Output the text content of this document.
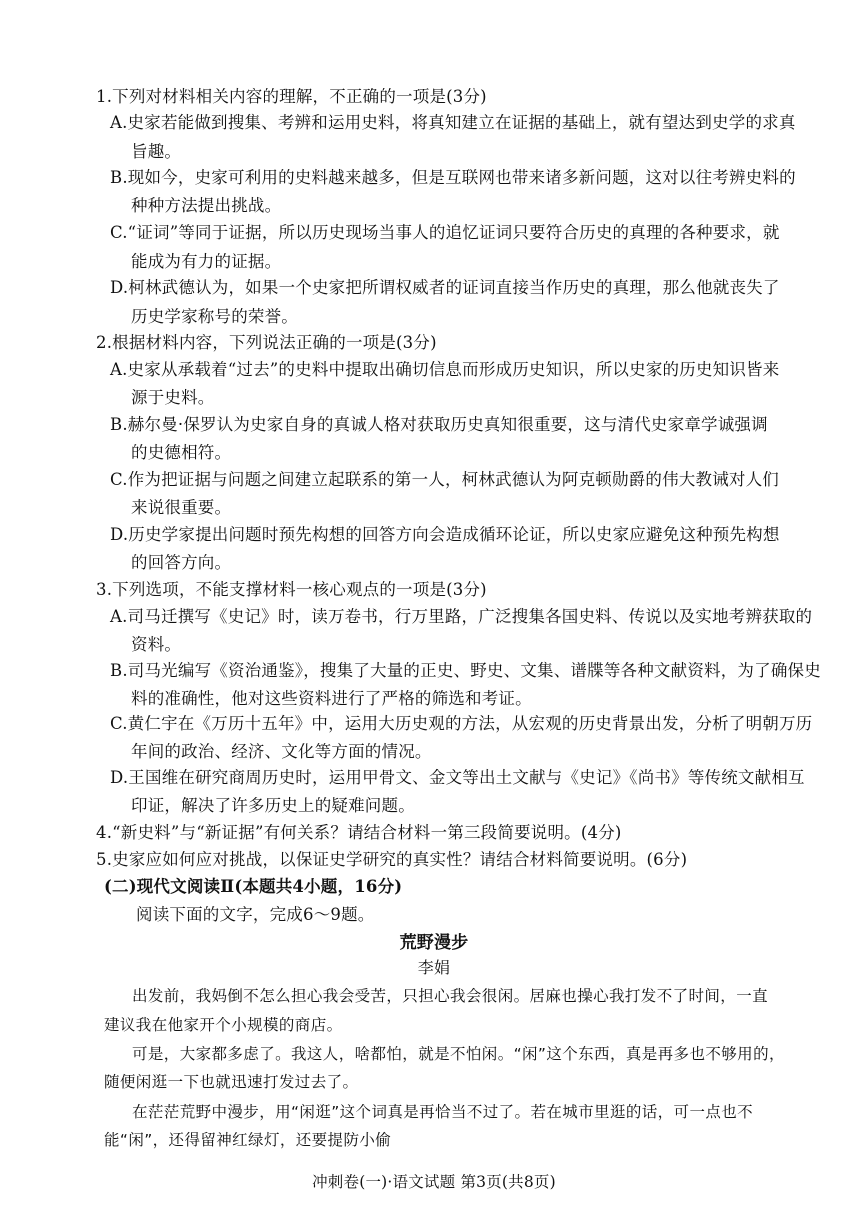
1.下列对材料相关内容的理解，不正确的一项是(3分)
A.史家若能做到搜集、考辨和运用史料，将真知建立在证据的基础上，就有望达到史学的求真
旨趣。
B.现如今，史家可利用的史料越来越多，但是互联网也带来诸多新问题，这对以往考辨史料的
种种方法提出挑战。
C.“证词”等同于证据，所以历史现场当事人的追忆证词只要符合历史的真理的各种要求，就
能成为有力的证据。
D.柯林武德认为，如果一个史家把所谓权威者的证词直接当作历史的真理，那么他就丧失了
历史学家称号的荣誉。
2.根据材料内容，下列说法正确的一项是(3分)
A.史家从承载着“过去”的史料中提取出确切信息而形成历史知识，所以史家的历史知识皆来
源于史料。
B.赫尔曼·保罗认为史家自身的真诚人格对获取历史真知很重要，这与清代史家章学诚强调
的史德相符。
C.作为把证据与问题之间建立起联系的第一人，柯林武德认为阿克顿勋爵的伟大教诫对人们
来说很重要。
D.历史学家提出问题时预先构想的回答方向会造成循环论证，所以史家应避免这种预先构想
的回答方向。
3.下列选项，不能支撑材料一核心观点的一项是(3分)
A.司马迁撰写《史记》时，读万卷书，行万里路，广泛搜集各国史料、传说以及实地考辨获取的
资料。
B.司马光编写《资治通鉴》，搜集了大量的正史、野史、文集、谱牒等各种文献资料，为了确保史
料的准确性，他对这些资料进行了严格的筛选和考证。
C.黄仁宇在《万历十五年》中，运用大历史观的方法，从宏观的历史背景出发，分析了明朝万历
年间的政治、经济、文化等方面的情况。
D.王国维在研究商周历史时，运用甲骨文、金文等出土文献与《史记》《尚书》等传统文献相互
印证，解决了许多历史上的疑难问题。
4.“新史料”与“新证据”有何关系？请结合材料一第三段简要说明。(4分)
5.史家应如何应对挑战，以保证史学研究的真实性？请结合材料简要说明。(6分)
(二)现代文阅读Ⅱ(本题共4小题，16分)
阅读下面的文字，完成6～9题。
荒野漫步
李娟
出发前，我妈倒不怎么担心我会受苦，只担心我会很闲。居麻也操心我打发不了时间，一直
建议我在他家开个小规模的商店。
可是，大家都多虑了。我这人，啥都怕，就是不怕闲。“闲”这个东西，真是再多也不够用的，
随便闲逛一下也就迅速打发过去了。
在茫茫荒野中漫步，用“闲逛”这个词真是再恰当不过了。若在城市里逛的话，可一点也不
能“闲”，还得留神红绿灯，还要提防小偷
冲刺卷(一)·语文试题 第3页(共8页)
